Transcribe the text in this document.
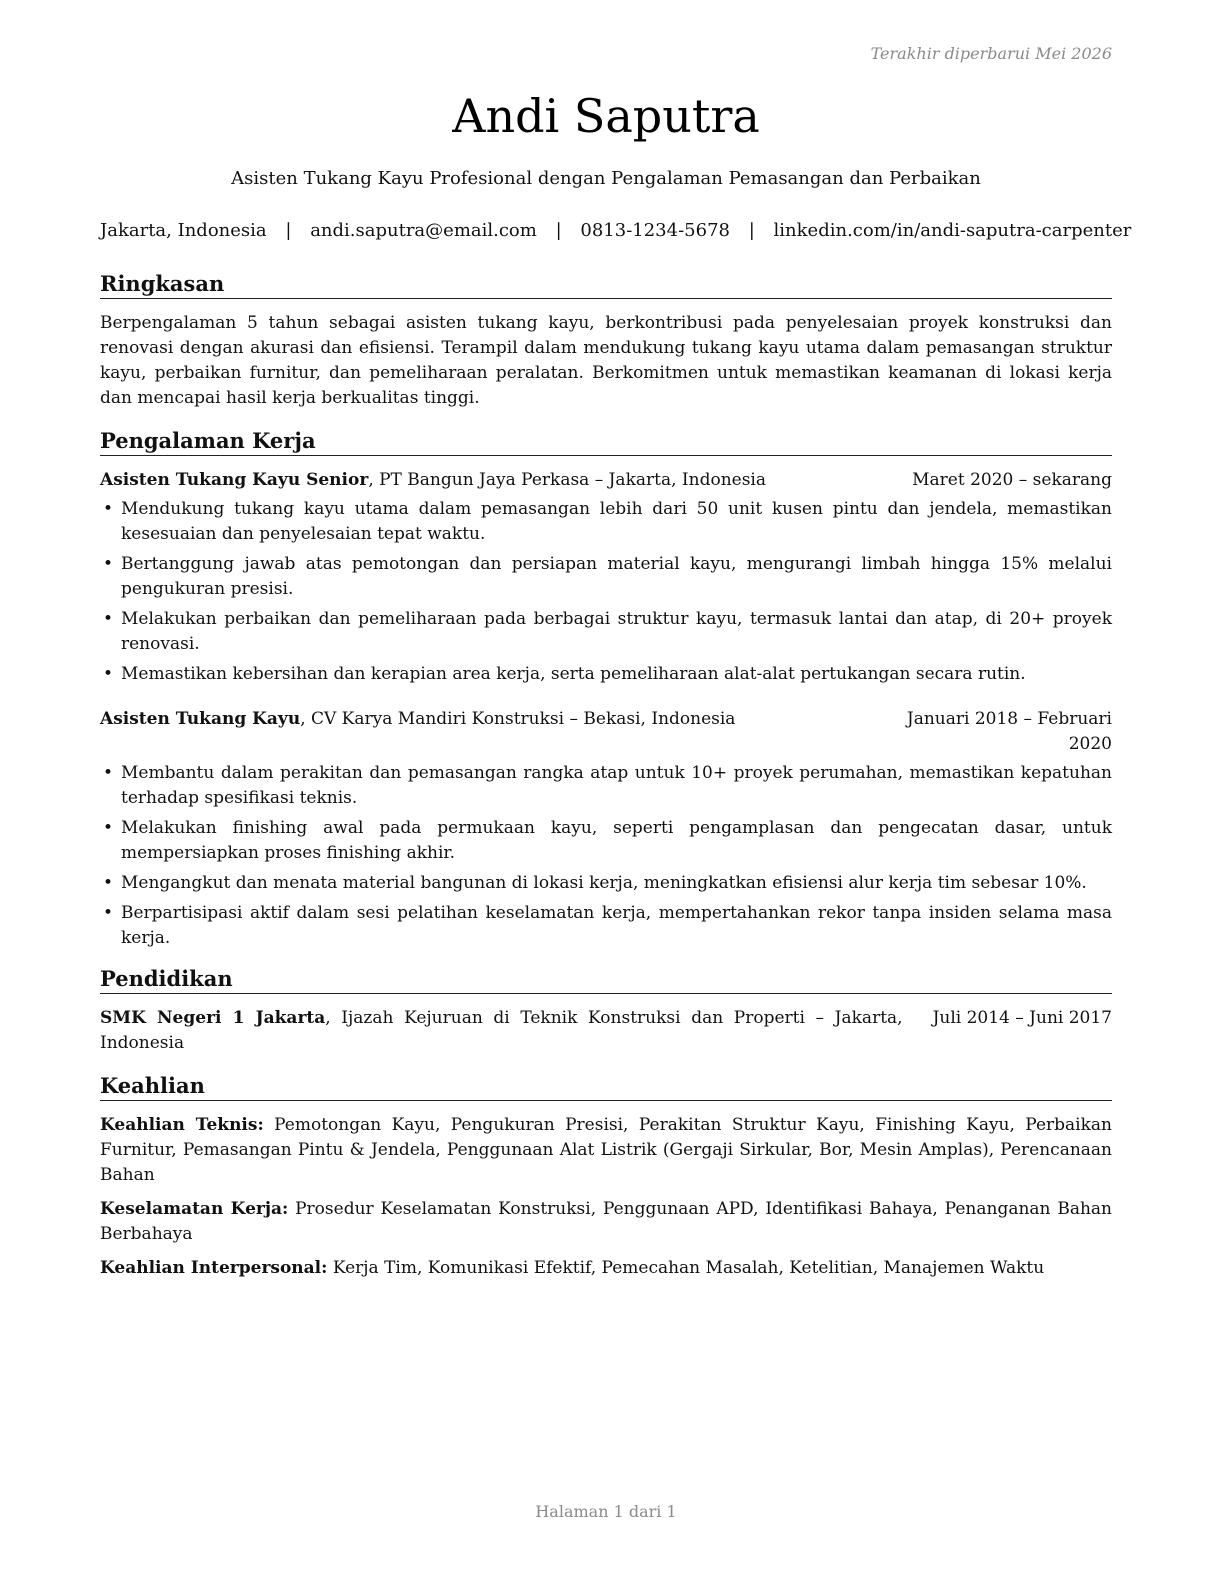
Terakhir diperbarui Mei 2026
Andi Saputra
Asisten Tukang Kayu Profesional dengan Pengalaman Pemasangan dan Perbaikan
Jakarta, Indonesia | andi.saputra@email.com | 0813-1234-5678 | linkedin.com/in/andi-saputra-carpenter
Ringkasan
Berpengalaman 5 tahun sebagai asisten tukang kayu, berkontribusi pada penyelesaian proyek konstruksi dan renovasi dengan akurasi dan efisiensi. Terampil dalam mendukung tukang kayu utama dalam pemasangan struktur kayu, perbaikan furnitur, dan pemeliharaan peralatan. Berkomitmen untuk memastikan keamanan di lokasi kerja dan mencapai hasil kerja berkualitas tinggi.
Pengalaman Kerja
Asisten Tukang Kayu Senior, PT Bangun Jaya Perkasa – Jakarta, Indonesia	Maret 2020 – sekarang
• Mendukung tukang kayu utama dalam pemasangan lebih dari 50 unit kusen pintu dan jendela, memastikan kesesuaian dan penyelesaian tepat waktu.
• Bertanggung jawab atas pemotongan dan persiapan material kayu, mengurangi limbah hingga 15% melalui pengukuran presisi.
• Melakukan perbaikan dan pemeliharaan pada berbagai struktur kayu, termasuk lantai dan atap, di 20+ proyek renovasi.
• Memastikan kebersihan dan kerapian area kerja, serta pemeliharaan alat-alat pertukangan secara rutin.
Asisten Tukang Kayu, CV Karya Mandiri Konstruksi – Bekasi, Indonesia	Januari 2018 – Februari
2020
• Membantu dalam perakitan dan pemasangan rangka atap untuk 10+ proyek perumahan, memastikan kepatuhan terhadap spesifikasi teknis.
• Melakukan finishing awal pada permukaan kayu, seperti pengamplasan dan pengecatan dasar, untuk mempersiapkan proses finishing akhir.
• Mengangkut dan menata material bangunan di lokasi kerja, meningkatkan efisiensi alur kerja tim sebesar 10%.
• Berpartisipasi aktif dalam sesi pelatihan keselamatan kerja, mempertahankan rekor tanpa insiden selama masa kerja.
Pendidikan
SMK Negeri 1 Jakarta, Ijazah Kejuruan di Teknik Konstruksi dan Properti – Jakarta, Indonesia
Juli 2014 – Juni 2017
Keahlian
Keahlian Teknis: Pemotongan Kayu, Pengukuran Presisi, Perakitan Struktur Kayu, Finishing Kayu, Perbaikan Furnitur, Pemasangan Pintu & Jendela, Penggunaan Alat Listrik (Gergaji Sirkular, Bor, Mesin Amplas), Perencanaan Bahan
Keselamatan Kerja: Prosedur Keselamatan Konstruksi, Penggunaan APD, Identifikasi Bahaya, Penanganan Bahan Berbahaya
Keahlian Interpersonal: Kerja Tim, Komunikasi Efektif, Pemecahan Masalah, Ketelitian, Manajemen Waktu
Halaman 1 dari 1
